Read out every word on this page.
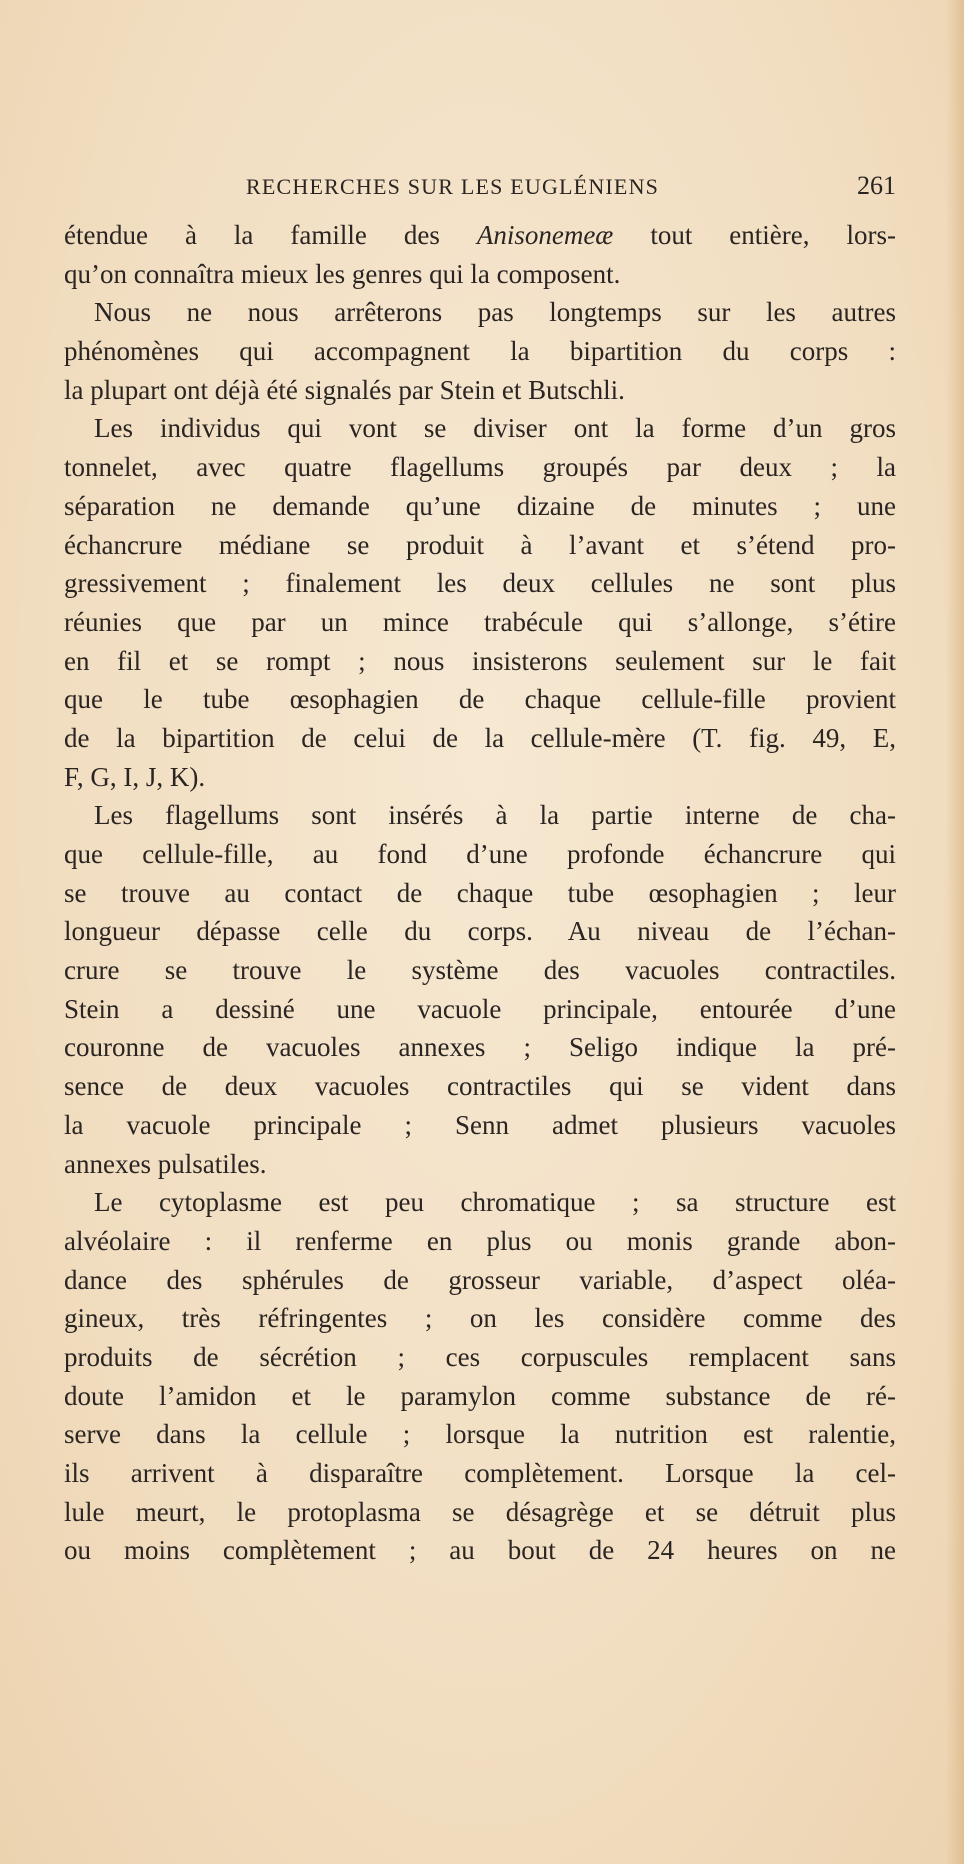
RECHERCHES SUR LES EUGLÉNIENS	261
étendue à la famille des Anisonemeæ tout entière, lors-
qu’on connaîtra mieux les genres qui la composent.
Nous ne nous arrêterons pas longtemps sur les autres
phénomènes qui accompagnent la bipartition du corps :
la plupart ont déjà été signalés par Stein et Butschli.
Les individus qui vont se diviser ont la forme d’un gros
tonnelet, avec quatre flagellums groupés par deux ; la
séparation ne demande qu’une dizaine de minutes ; une
échancrure médiane se produit à l’avant et s’étend pro-
gressivement ; finalement les deux cellules ne sont plus
réunies que par un mince trabécule qui s’allonge, s’étire
en fil et se rompt ; nous insisterons seulement sur le fait
que le tube œsophagien de chaque cellule-fille provient
de la bipartition de celui de la cellule-mère (T. fig. 49, E,
F, G, I, J, K).
Les flagellums sont insérés à la partie interne de cha-
que cellule-fille, au fond d’une profonde échancrure qui
se trouve au contact de chaque tube œsophagien ; leur
longueur dépasse celle du corps. Au niveau de l’échan-
crure se trouve le système des vacuoles contractiles.
Stein a dessiné une vacuole principale, entourée d’une
couronne de vacuoles annexes ; Seligo indique la pré-
sence de deux vacuoles contractiles qui se vident dans
la vacuole principale ; Senn admet plusieurs vacuoles
annexes pulsatiles.
Le cytoplasme est peu chromatique ; sa structure est
alvéolaire : il renferme en plus ou monis grande abon-
dance des sphérules de grosseur variable, d’aspect oléa-
gineux, très réfringentes ; on les considère comme des
produits de sécrétion ; ces corpuscules remplacent sans
doute l’amidon et le paramylon comme substance de ré-
serve dans la cellule ; lorsque la nutrition est ralentie,
ils arrivent à disparaître complètement. Lorsque la cel-
lule meurt, le protoplasma se désagrège et se détruit plus
ou moins complètement ; au bout de 24 heures on ne
